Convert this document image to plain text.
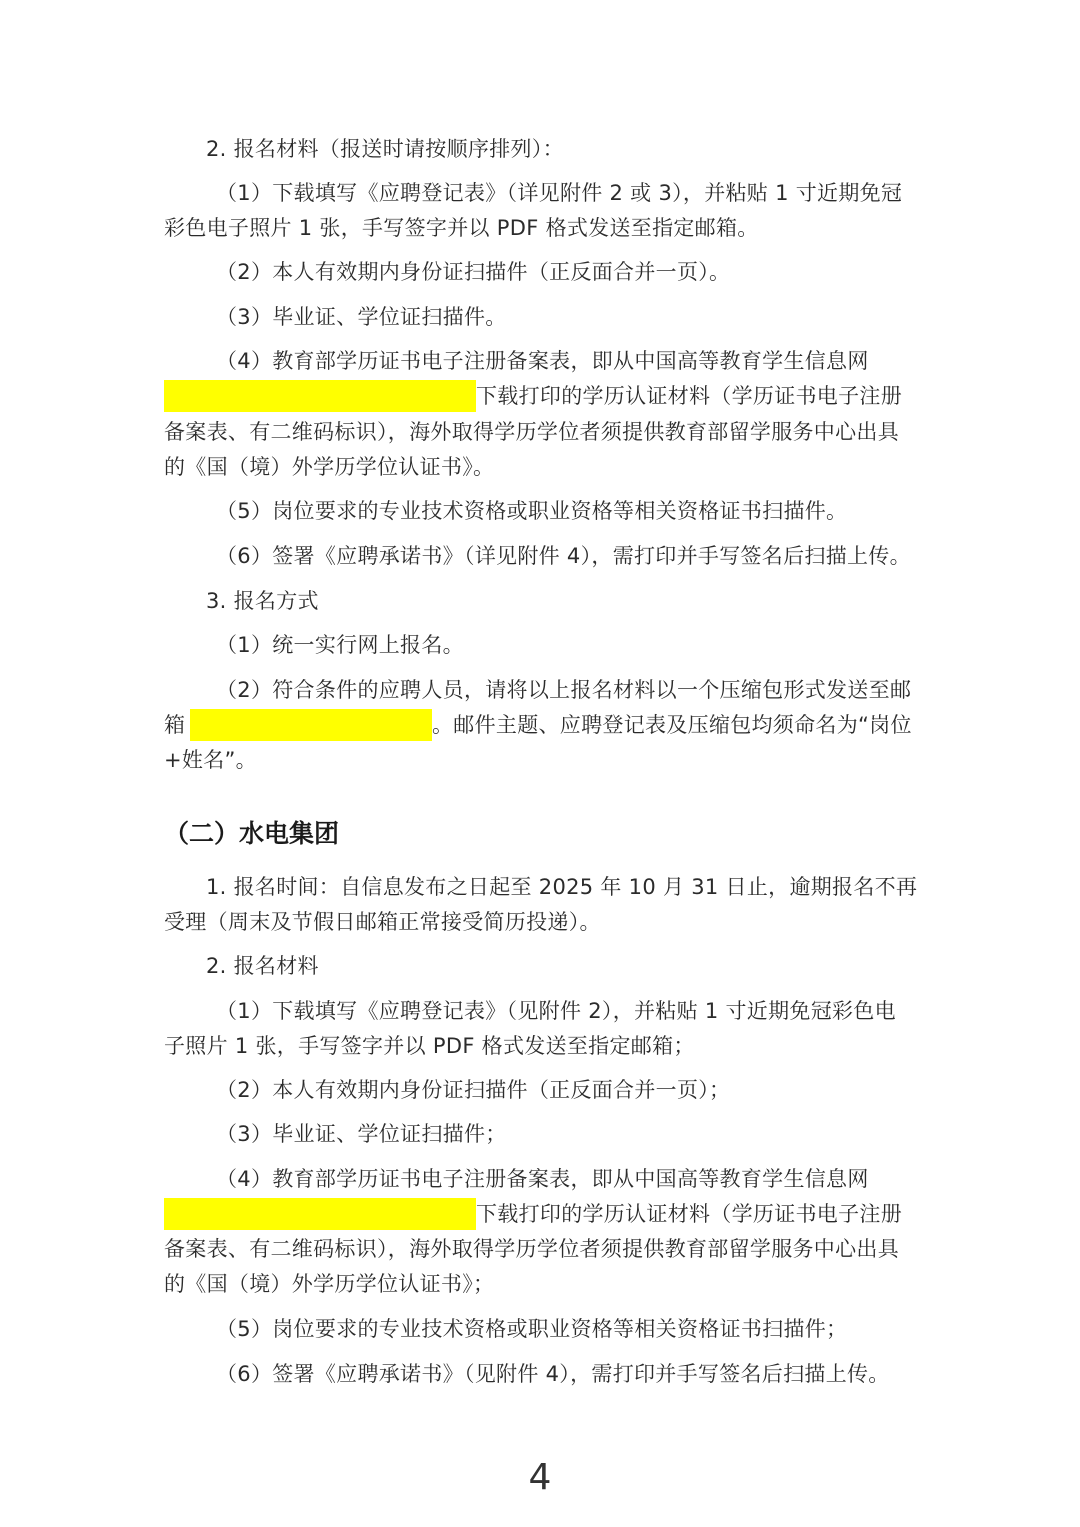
2. 报名材料（报送时请按顺序排列）：
（1）下载填写《应聘登记表》（详见附件 2 或 3），并粘贴 1 寸近期免冠
彩色电子照片 1 张，手写签字并以 PDF 格式发送至指定邮箱。
（2）本人有效期内身份证扫描件（正反面合并一页）。
（3）毕业证、学位证扫描件。
（4）教育部学历证书电子注册备案表，即从中国高等教育学生信息网
下载打印的学历认证材料（学历证书电子注册
备案表、有二维码标识），海外取得学历学位者须提供教育部留学服务中心出具
的《国（境）外学历学位认证书》。
（5）岗位要求的专业技术资格或职业资格等相关资格证书扫描件。
（6）签署《应聘承诺书》（详见附件 4），需打印并手写签名后扫描上传。
3. 报名方式
（1）统一实行网上报名。
（2）符合条件的应聘人员，请将以上报名材料以一个压缩包形式发送至邮
箱	。邮件主题、应聘登记表及压缩包均须命名为“岗位
+姓名”。
（二）水电集团
1. 报名时间：自信息发布之日起至 2025 年 10 月 31 日止，逾期报名不再
受理（周末及节假日邮箱正常接受简历投递）。
2. 报名材料
（1）下载填写《应聘登记表》（见附件 2），并粘贴 1 寸近期免冠彩色电
子照片 1 张，手写签字并以 PDF 格式发送至指定邮箱；
（2）本人有效期内身份证扫描件（正反面合并一页）；
（3）毕业证、学位证扫描件；
（4）教育部学历证书电子注册备案表，即从中国高等教育学生信息网
下载打印的学历认证材料（学历证书电子注册
备案表、有二维码标识），海外取得学历学位者须提供教育部留学服务中心出具
的《国（境）外学历学位认证书》；
（5）岗位要求的专业技术资格或职业资格等相关资格证书扫描件；
（6）签署《应聘承诺书》（见附件 4），需打印并手写签名后扫描上传。
4
